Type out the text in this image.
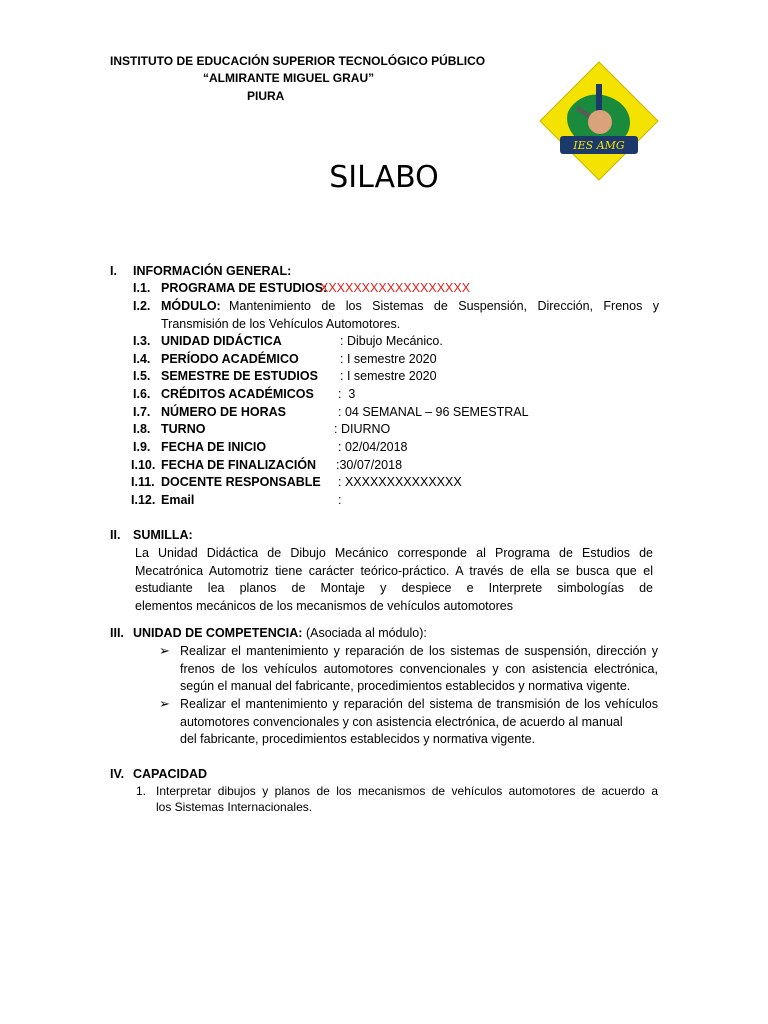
INSTITUTO DE EDUCACIÓN SUPERIOR TECNOLÓGICO PÚBLICO
“ALMIRANTE MIGUEL GRAU”
PIURA
IES AMG
SILABO
I. INFORMACIÓN GENERAL:
I.1. PROGRAMA DE ESTUDIOS:
XXXXXXXXXXXXXXXXXX
I.2. MÓDULO: Mantenimiento de los Sistemas de Suspensión, Dirección, Frenos y
Transmisión de los Vehículos Automotores.
I.3. UNIDAD DIDÁCTICA	: Dibujo Mecánico.
I.4. PERÍODO ACADÉMICO	: I semestre 2020
I.5. SEMESTRE DE ESTUDIOS : I semestre 2020
I.6. CRÉDITOS ACADÉMICOS :  3
I.7. NÚMERO DE HORAS	: 04 SEMANAL – 96 SEMESTRAL
I.8. TURNO	: DIURNO
I.9. FECHA DE INICIO	: 02/04/2018
I.10. FECHA DE FINALIZACIÓN :30/07/2018
I.11. DOCENTE RESPONSABLE : XXXXXXXXXXXXXX
I.12. Email	:
II. SUMILLA:
La Unidad Didáctica de Dibujo Mecánico corresponde al Programa de Estudios de
Mecatrónica Automotriz tiene carácter teórico-práctico. A través de ella se busca que el
estudiante lea planos de Montaje y despiece e Interprete simbologías de
elementos mecánicos de los mecanismos de vehículos automotores
III. UNIDAD DE COMPETENCIA: (Asociada al módulo):
➢ Realizar el mantenimiento y reparación de los sistemas de suspensión, dirección y
frenos de los vehículos automotores convencionales y con asistencia electrónica,
según el manual del fabricante, procedimientos establecidos y normativa vigente.
➢ Realizar el mantenimiento y reparación del sistema de transmisión de los vehículos
automotores convencionales y con asistencia electrónica, de acuerdo al manual
del fabricante, procedimientos establecidos y normativa vigente.
IV. CAPACIDAD
1. Interpretar dibujos y planos de los mecanismos de vehículos automotores de acuerdo a
los Sistemas Internacionales.
